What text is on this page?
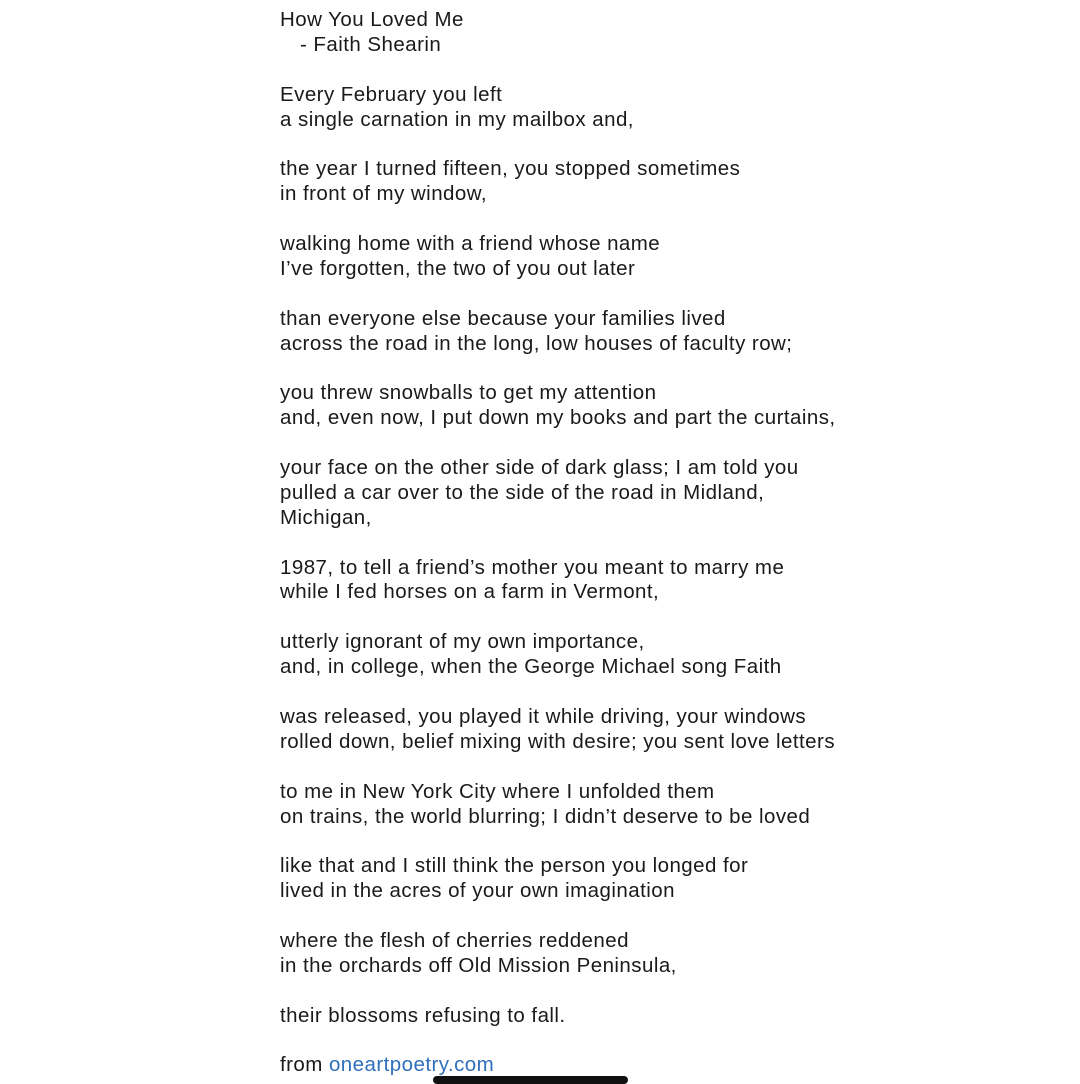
How You Loved Me
- Faith Shearin
Every February you left
a single carnation in my mailbox and,
the year I turned fifteen, you stopped sometimes
in front of my window,
walking home with a friend whose name
I’ve forgotten, the two of you out later
than everyone else because your families lived
across the road in the long, low houses of faculty row;
you threw snowballs to get my attention
and, even now, I put down my books and part the curtains,
your face on the other side of dark glass; I am told you
pulled a car over to the side of the road in Midland,
Michigan,
1987, to tell a friend’s mother you meant to marry me
while I fed horses on a farm in Vermont,
utterly ignorant of my own importance,
and, in college, when the George Michael song Faith
was released, you played it while driving, your windows
rolled down, belief mixing with desire; you sent love letters
to me in New York City where I unfolded them
on trains, the world blurring; I didn’t deserve to be loved
like that and I still think the person you longed for
lived in the acres of your own imagination
where the flesh of cherries reddened
in the orchards off Old Mission Peninsula,
their blossoms refusing to fall.
from oneartpoetry.com
